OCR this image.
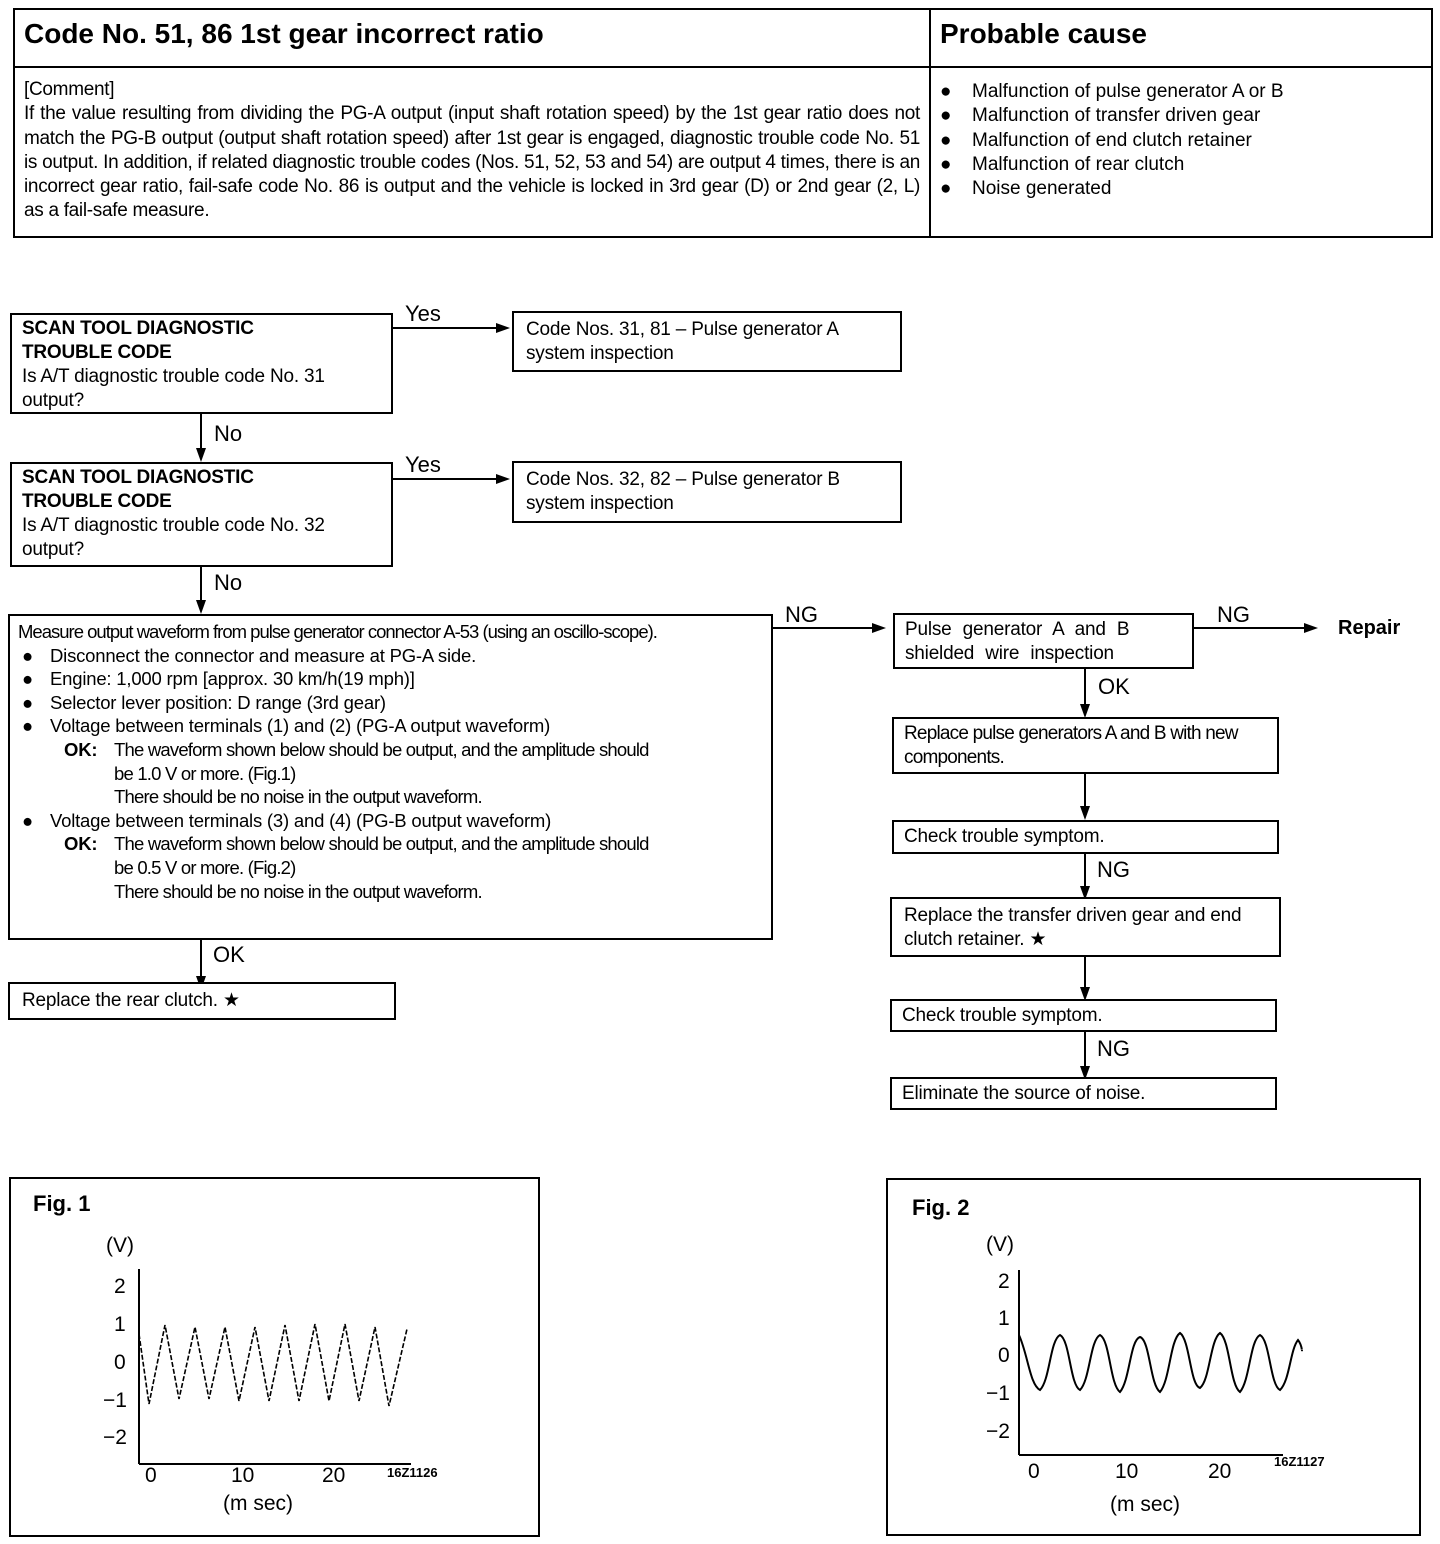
Code No. 51, 86 1st gear incorrect ratio	Probable cause
[Comment]
If the value resulting from dividing the PG-A output (input shaft rotation speed) by the 1st gear ratio does not match the PG-B output (output shaft rotation speed) after 1st gear is engaged, diagnostic trouble code No. 51 is output. In addition, if related diagnostic trouble codes (Nos. 51, 52, 53 and 54) are output 4 times, there is an incorrect gear ratio, fail-safe code No. 86 is output and the vehicle is locked in 3rd gear (D) or 2nd gear (2, L) as a fail-safe measure.
●	Malfunction of pulse generator A or B
●	Malfunction of transfer driven gear
●	Malfunction of end clutch retainer
●	Malfunction of rear clutch
●	Noise generated
SCAN TOOL DIAGNOSTIC
TROUBLE CODE
Is A/T diagnostic trouble code No. 31 output?
Yes
Code Nos. 31, 81 – Pulse generator A system inspection
No
SCAN TOOL DIAGNOSTIC
TROUBLE CODE
Is A/T diagnostic trouble code No. 32 output?
Yes
Code Nos. 32, 82 – Pulse generator B system inspection
No
Measure output waveform from pulse generator connector A-53 (using an oscillo-scope).
● Disconnect the connector and measure at PG-A side.
● Engine: 1,000 rpm [approx. 30 km/h(19 mph)]
● Selector lever position: D range (3rd gear)
● Voltage between terminals (1) and (2) (PG-A output waveform)
OK: The waveform shown below should be output, and the amplitude should
be 1.0 V or more. (Fig.1)
There should be no noise in the output waveform.
● Voltage between terminals (3) and (4) (PG-B output waveform)
OK: The waveform shown below should be output, and the amplitude should
be 0.5 V or more. (Fig.2)
There should be no noise in the output waveform.
NG
OK
Replace the rear clutch. ★
Pulse generator A and B shielded wire inspection
NG
Repair
OK
Replace pulse generators A and B with new components.
Check trouble symptom.
NG
Replace the transfer driven gear and end clutch retainer. ★
Check trouble symptom.
NG
Eliminate the source of noise.
Fig. 1
(V)
2
1
0
−1
−2
0	10	20	16Z1126
(m sec)
Fig. 2
(V)
2
1
0
−1
−2
0	10	20	16Z1127
(m sec)
